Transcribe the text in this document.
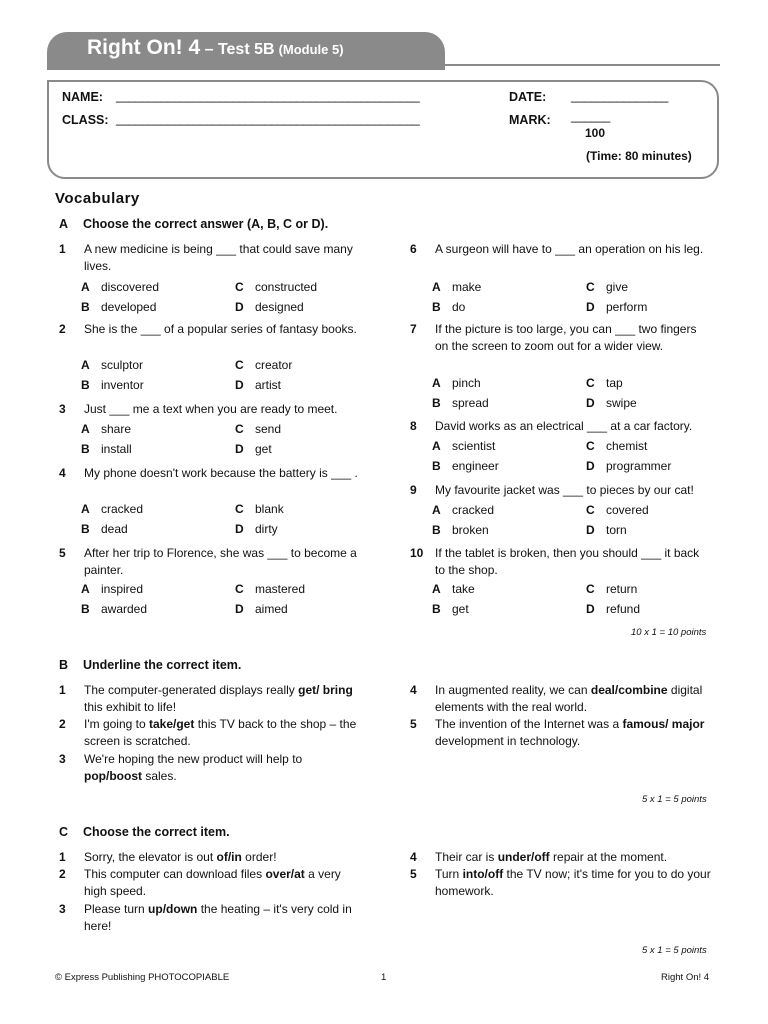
Right On! 4 – Test 5B (Module 5)
NAME: _______________________________________________
CLASS: _______________________________________________
DATE: _______________
MARK: ______
100
(Time: 80 minutes)
Vocabulary
A Choose the correct answer (A, B, C or D).
1	A new medicine is being ___ that could save many lives.
A discovered	C constructed
B developed	D designed
2	She is the ___ of a popular series of fantasy books.
A sculptor	C creator
B inventor	D artist
3	Just ___ me a text when you are ready to meet.
A share	C send
B install	D get
4	My phone doesn't work because the battery is ___ .
A cracked	C blank
B dead	D dirty
5	After her trip to Florence, she was ___ to become a painter.
A inspired	C mastered
B awarded	D aimed
6	A surgeon will have to ___ an operation on his leg.
A make	C give
B do	D perform
7	If the picture is too large, you can ___ two fingers on the screen to zoom out for a wider view.
A pinch	C tap
B spread	D swipe
8	David works as an electrical ___ at a car factory.
A scientist	C chemist
B engineer	D programmer
9	My favourite jacket was ___ to pieces by our cat!
A cracked	C covered
B broken	D torn
10 If the tablet is broken, then you should ___ it back to the shop.
A take	C return
B get	D refund
10 x 1 = 10 points
B Underline the correct item.
1	The computer-generated displays really get/ bring this exhibit to life!
2	I'm going to take/get this TV back to the shop – the screen is scratched.
3	We're hoping the new product will help to pop/boost sales.
4	In augmented reality, we can deal/combine digital elements with the real world.
5	The invention of the Internet was a famous/ major development in technology.
5 x 1 = 5 points
C Choose the correct item.
1	Sorry, the elevator is out of/in order!
2	This computer can download files over/at a very high speed.
3	Please turn up/down the heating – it's very cold in here!
4	Their car is under/off repair at the moment.
5	Turn into/off the TV now; it's time for you to do your homework.
5 x 1 = 5 points
© Express Publishing PHOTOCOPIABLE	1	Right On! 4
